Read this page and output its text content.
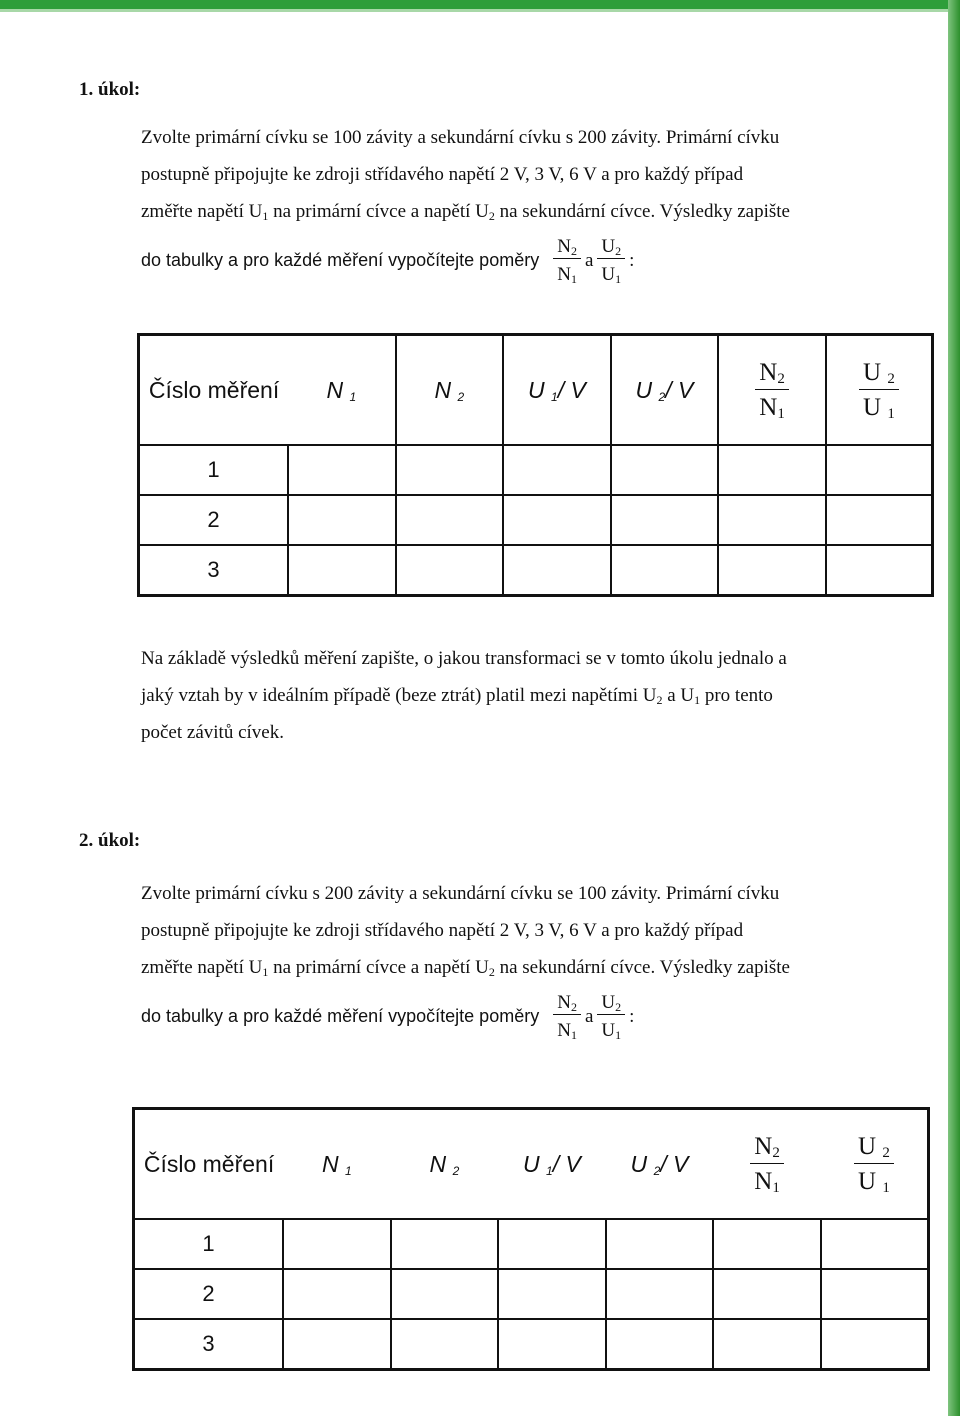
1. úkol:

Zvolte primární cívku se 100 závity a sekundární cívku s 200 závity. Primární cívku

postupně připojujte ke zdroji střídavého napětí 2 V, 3 V, 6 V a pro každý případ

změřte napětí $U_1$ na primární cívce a napětí $U_2$ na sekundární cívce. Výsledky zapište

do tabulky a pro každé měření vypočítejte poměry $\frac{N_2}{N_1}$ a $\frac{U_2}{U_1}$ :
Číslo měření	N $_1$	N $_2$	U $_1$/ V	U $_2$/ V	$\frac{N_2}{N_1}$	$\frac{U _2}{U _1}$

1						
2						
3						

Na základě výsledků měření zapište, o jakou transformaci se v tomto úkolu jednalo a

jaký vztah by v ideálním případě (beze ztrát) platil mezi napětími $U_2$ a $U_1$ pro tento

počet závitů cívek.

2. úkol:

Zvolte primární cívku s 200 závity a sekundární cívku se 100 závity. Primární cívku

postupně připojujte ke zdroji střídavého napětí 2 V, 3 V, 6 V a pro každý případ

změřte napětí $U_1$ na primární cívce a napětí $U_2$ na sekundární cívce. Výsledky zapište

do tabulky a pro každé měření vypočítejte poměry $\frac{N_2}{N_1}$ a $\frac{U_2}{U_1}$ :
Číslo měření	N $_1$	N $_2$	U $_1$/ V	U $_2$/ V	$\frac{N_2}{N_1}$	$\frac{U _2}{U _1}$

1						
2						
3						
